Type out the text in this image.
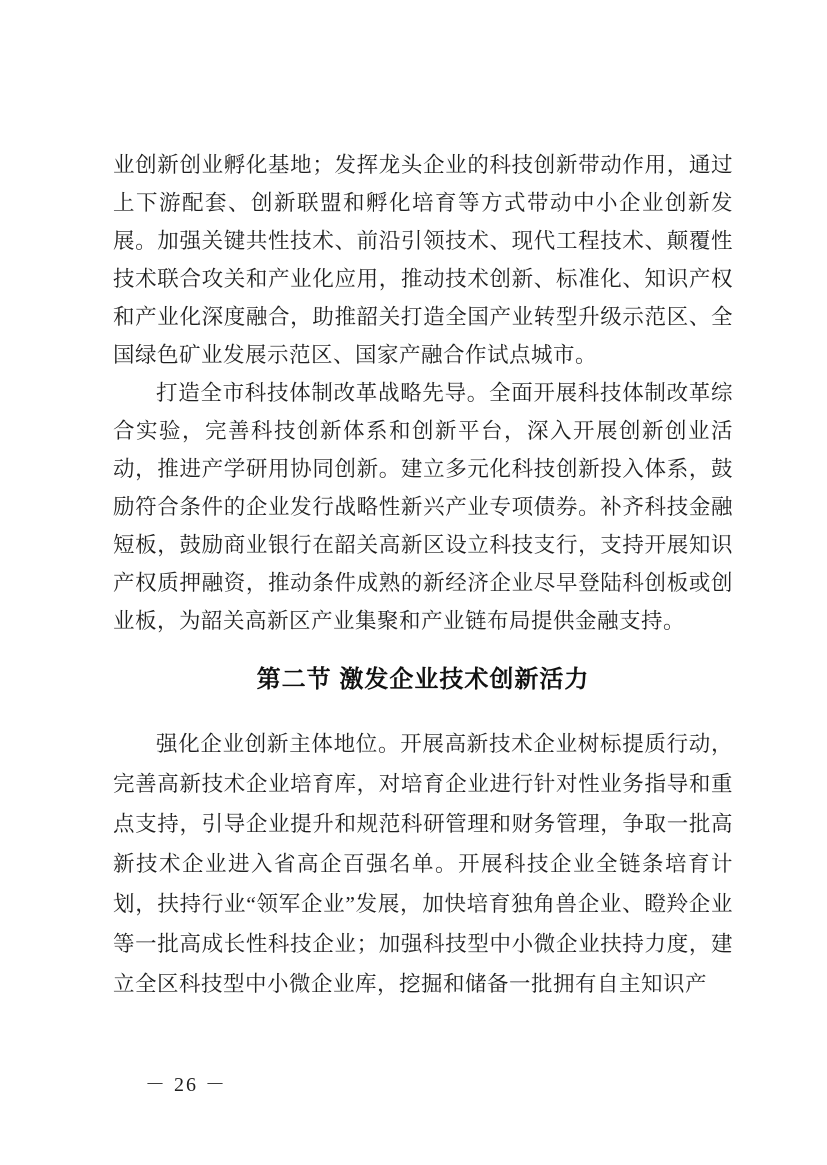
业创新创业孵化基地；发挥龙头企业的科技创新带动作用，通过上下游配套、创新联盟和孵化培育等方式带动中小企业创新发展。加强关键共性技术、前沿引领技术、现代工程技术、颠覆性技术联合攻关和产业化应用，推动技术创新、标准化、知识产权和产业化深度融合，助推韶关打造全国产业转型升级示范区、全国绿色矿业发展示范区、国家产融合作试点城市。

打造全市科技体制改革战略先导。全面开展科技体制改革综合实验，完善科技创新体系和创新平台，深入开展创新创业活动，推进产学研用协同创新。建立多元化科技创新投入体系，鼓励符合条件的企业发行战略性新兴产业专项债券。补齐科技金融短板，鼓励商业银行在韶关高新区设立科技支行，支持开展知识产权质押融资，推动条件成熟的新经济企业尽早登陆科创板或创业板，为韶关高新区产业集聚和产业链布局提供金融支持。

第二节 激发企业技术创新活力

强化企业创新主体地位。开展高新技术企业树标提质行动，完善高新技术企业培育库，对培育企业进行针对性业务指导和重点支持，引导企业提升和规范科研管理和财务管理，争取一批高新技术企业进入省高企百强名单。开展科技企业全链条培育计划，扶持行业“领军企业”发展，加快培育独角兽企业、瞪羚企业等一批高成长性科技企业；加强科技型中小微企业扶持力度，建立全区科技型中小微企业库，挖掘和储备一批拥有自主知识产

－ 26 －
